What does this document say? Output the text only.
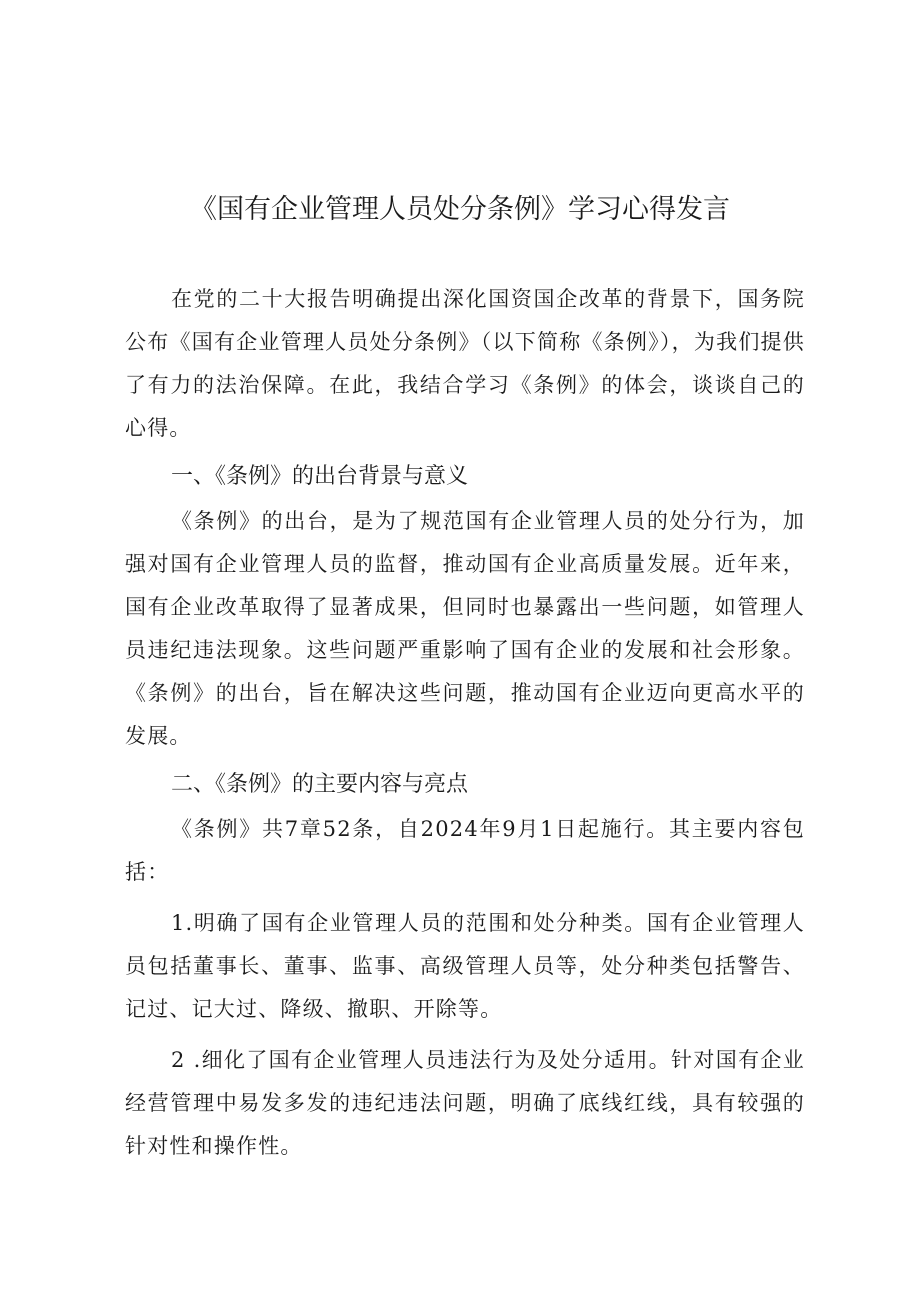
《国有企业管理人员处分条例》学习心得发言

在党的二十大报告明确提出深化国资国企改革的背景下，国务院公布《国有企业管理人员处分条例》（以下简称《条例》），为我们提供了有力的法治保障。在此，我结合学习《条例》的体会，谈谈自己的心得。

一、《条例》的出台背景与意义

《条例》的出台，是为了规范国有企业管理人员的处分行为，加强对国有企业管理人员的监督，推动国有企业高质量发展。近年来，国有企业改革取得了显著成果，但同时也暴露出一些问题，如管理人员违纪违法现象。这些问题严重影响了国有企业的发展和社会形象。《条例》的出台，旨在解决这些问题，推动国有企业迈向更高水平的发展。

二、《条例》的主要内容与亮点

《条例》共7章52条，自2024年9月1日起施行。其主要内容包括：

1.明确了国有企业管理人员的范围和处分种类。国有企业管理人员包括董事长、董事、监事、高级管理人员等，处分种类包括警告、记过、记大过、降级、撤职、开除等。

2 .细化了国有企业管理人员违法行为及处分适用。针对国有企业经营管理中易发多发的违纪违法问题，明确了底线红线，具有较强的针对性和操作性。
